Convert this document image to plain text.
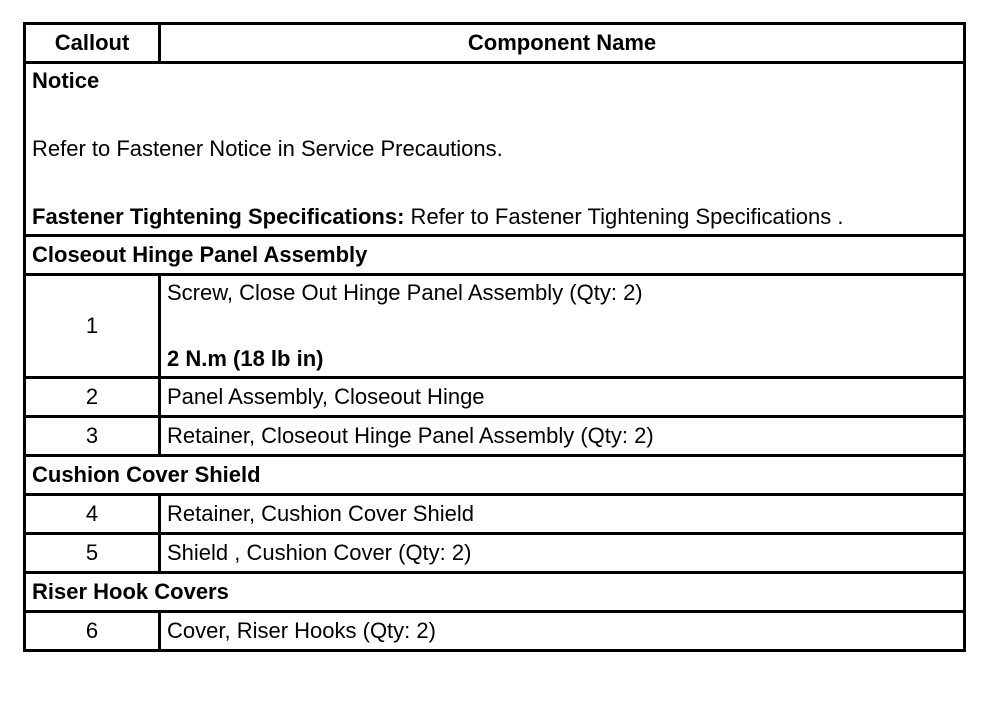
Callout	Component Name

Notice

Refer to Fastener Notice in Service Precautions.

Fastener Tightening Specifications: Refer to Fastener Tightening Specifications .	

Closeout Hinge Panel Assembly	
1	Screw, Close Out Hinge Panel Assembly (Qty: 2)
2 N.m (18 lb in)

2	Panel Assembly, Closeout Hinge
3	Retainer, Closeout Hinge Panel Assembly (Qty: 2)
Cushion Cover Shield	
4	Retainer, Cushion Cover Shield
5	Shield , Cushion Cover (Qty: 2)
Riser Hook Covers	
6	Cover, Riser Hooks (Qty: 2)
